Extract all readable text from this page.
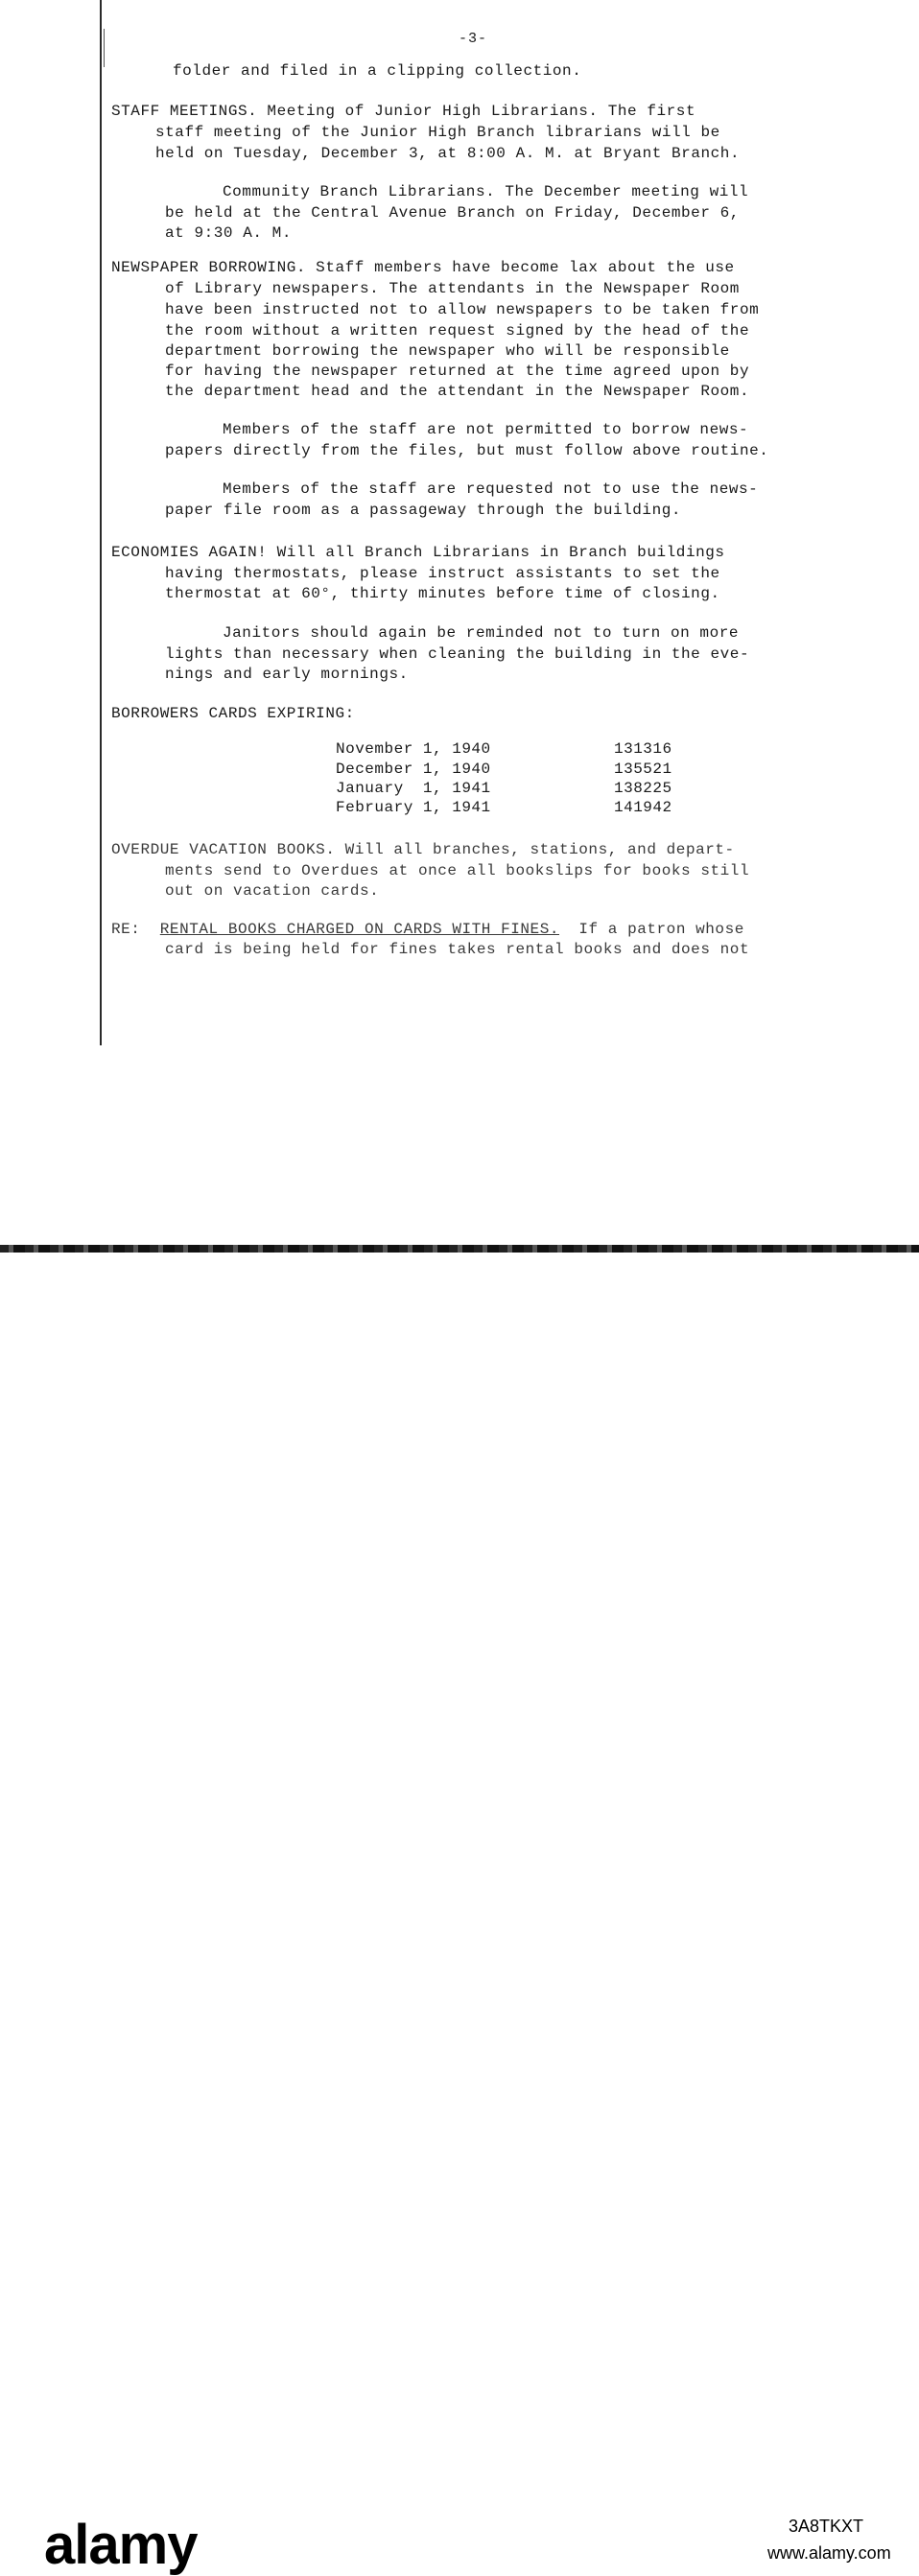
-3-

folder and filed in a clipping collection.

STAFF MEETINGS. Meeting of Junior High Librarians. The first

staff meeting of the Junior High Branch librarians will be

held on Tuesday, December 3, at 8:00 A. M. at Bryant Branch.

Community Branch Librarians. The December meeting will

be held at the Central Avenue Branch on Friday, December 6,

at 9:30 A. M.

NEWSPAPER BORROWING. Staff members have become lax about the use

of Library newspapers. The attendants in the Newspaper Room

have been instructed not to allow newspapers to be taken from

the room without a written request signed by the head of the

department borrowing the newspaper who will be responsible

for having the newspaper returned at the time agreed upon by

the department head and the attendant in the Newspaper Room.

Members of the staff are not permitted to borrow news-

papers directly from the files, but must follow above routine.

Members of the staff are requested not to use the news-

paper file room as a passageway through the building.

ECONOMIES AGAIN! Will all Branch Librarians in Branch buildings

having thermostats, please instruct assistants to set the

thermostat at 60°, thirty minutes before time of closing.

Janitors should again be reminded not to turn on more

lights than necessary when cleaning the building in the eve-

nings and early mornings.

BORROWERS CARDS EXPIRING:

November 1, 1940	131316
December 1, 1940	135521
January  1, 1941	138225
February 1, 1941	141942

OVERDUE VACATION BOOKS. Will all branches, stations, and depart-

ments send to Overdues at once all bookslips for books still

out on vacation cards.

RE: RENTAL BOOKS CHARGED ON CARDS WITH FINES. If a patron whose

card is being held for fines takes rental books and does not

alamy	3A8TKXT
www.alamy.com
